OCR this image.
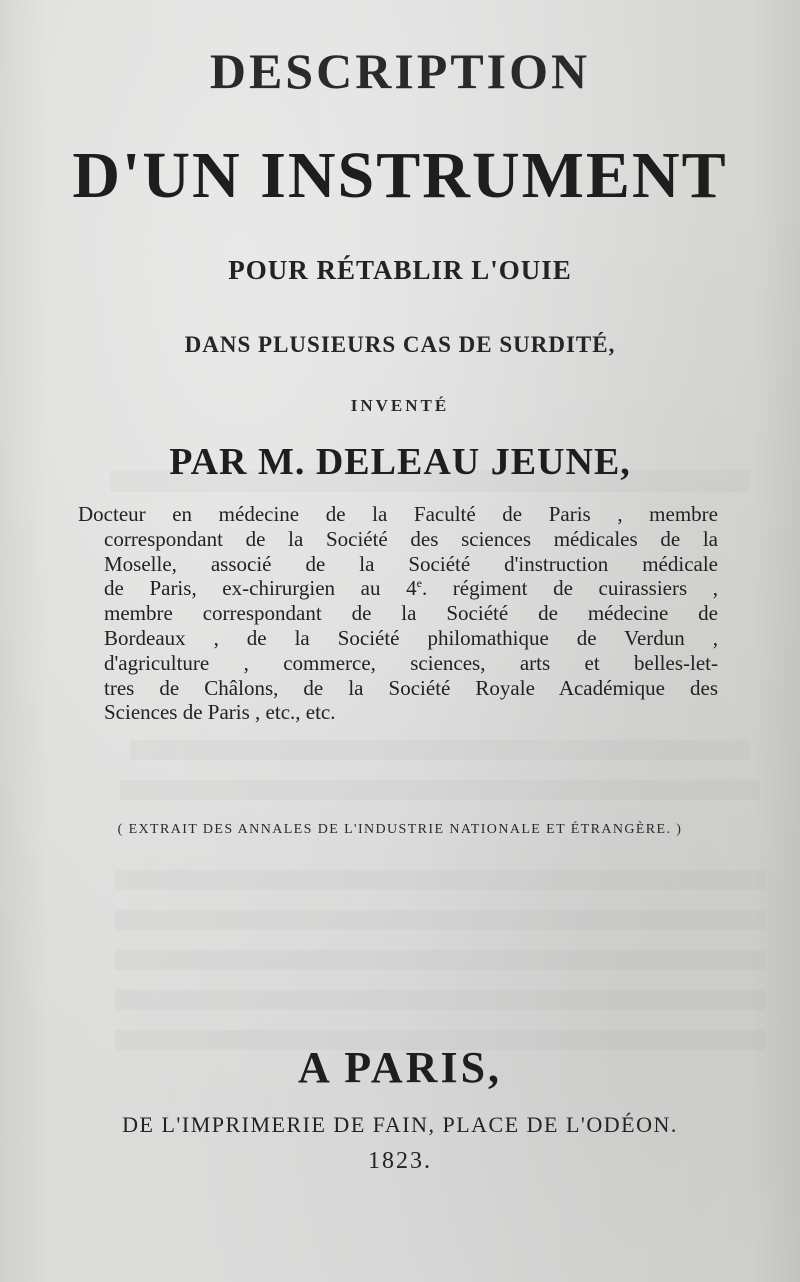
DESCRIPTION
D'UN INSTRUMENT
POUR RÉTABLIR L'OUIE
DANS PLUSIEURS CAS DE SURDITÉ,
INVENTÉ
PAR M. DELEAU JEUNE,
Docteur en médecine de la Faculté de Paris , membre
correspondant de la Société des sciences médicales de la
Moselle, associé de la Société d'instruction médicale
de Paris, ex-chirurgien au 4e. régiment de cuirassiers ,
membre correspondant de la Société de médecine de
Bordeaux , de la Société philomathique de Verdun ,
d'agriculture , commerce, sciences, arts et belles-let-
tres de Châlons, de la Société Royale Académique des
Sciences de Paris , etc., etc.
( EXTRAIT DES ANNALES DE L'INDUSTRIE NATIONALE ET ÉTRANGÈRE. )
A PARIS,
DE L'IMPRIMERIE DE FAIN, PLACE DE L'ODÉON.
1823.
